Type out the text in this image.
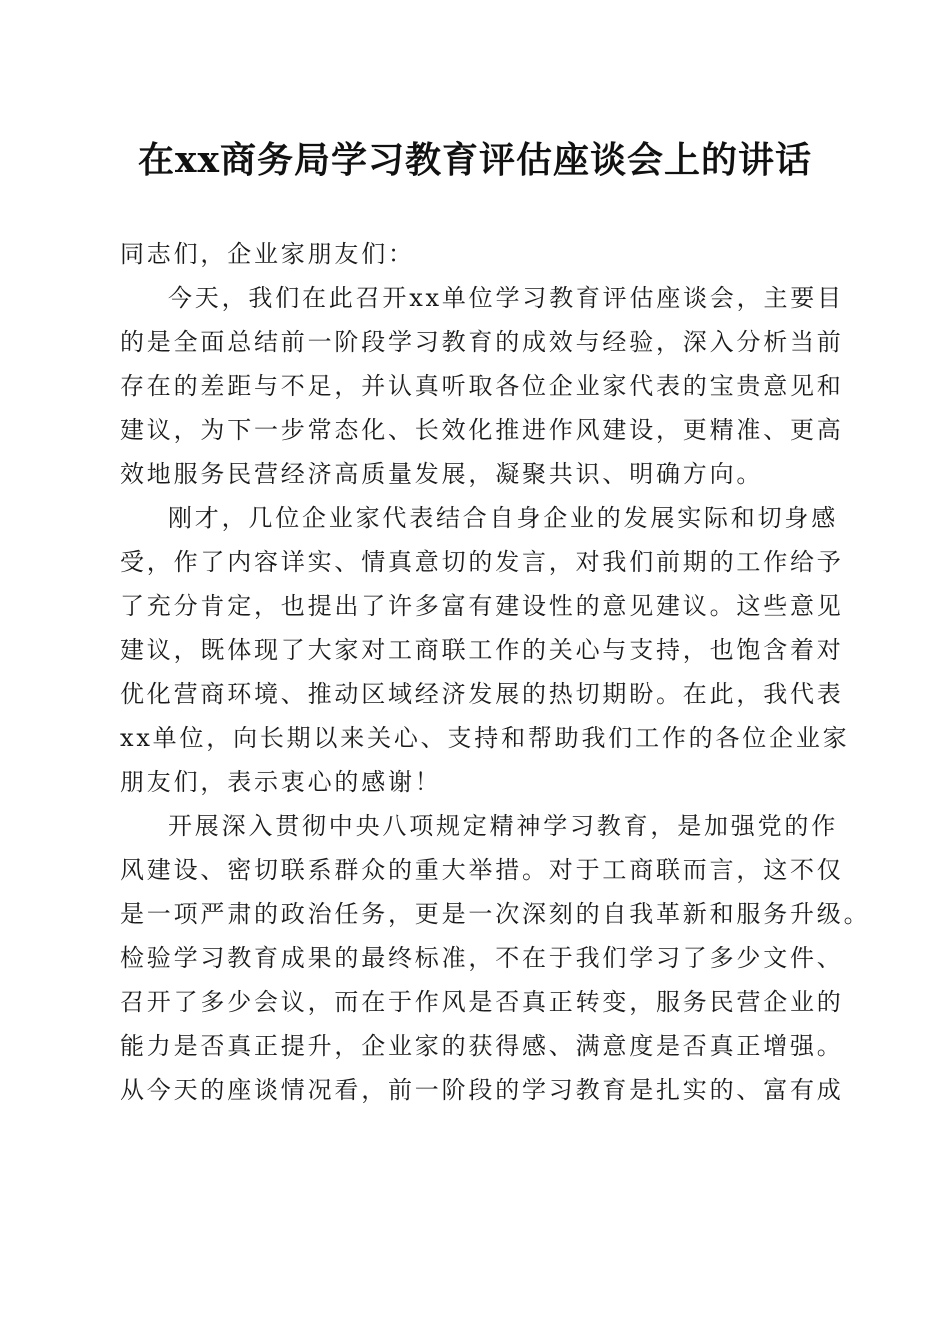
在xx商务局学习教育评估座谈会上的讲话
同志们，企业家朋友们：
今天，我们在此召开xx单位学习教育评估座谈会，主要目
的是全面总结前一阶段学习教育的成效与经验，深入分析当前
存在的差距与不足，并认真听取各位企业家代表的宝贵意见和
建议，为下一步常态化、长效化推进作风建设，更精准、更高
效地服务民营经济高质量发展，凝聚共识、明确方向。
刚才，几位企业家代表结合自身企业的发展实际和切身感
受，作了内容详实、情真意切的发言，对我们前期的工作给予
了充分肯定，也提出了许多富有建设性的意见建议。这些意见
建议，既体现了大家对工商联工作的关心与支持，也饱含着对
优化营商环境、推动区域经济发展的热切期盼。在此，我代表
xx单位，向长期以来关心、支持和帮助我们工作的各位企业家
朋友们，表示衷心的感谢！
开展深入贯彻中央八项规定精神学习教育，是加强党的作
风建设、密切联系群众的重大举措。对于工商联而言，这不仅
是一项严肃的政治任务，更是一次深刻的自我革新和服务升级。
检验学习教育成果的最终标准，不在于我们学习了多少文件、
召开了多少会议，而在于作风是否真正转变，服务民营企业的
能力是否真正提升，企业家的获得感、满意度是否真正增强。
从今天的座谈情况看，前一阶段的学习教育是扎实的、富有成
